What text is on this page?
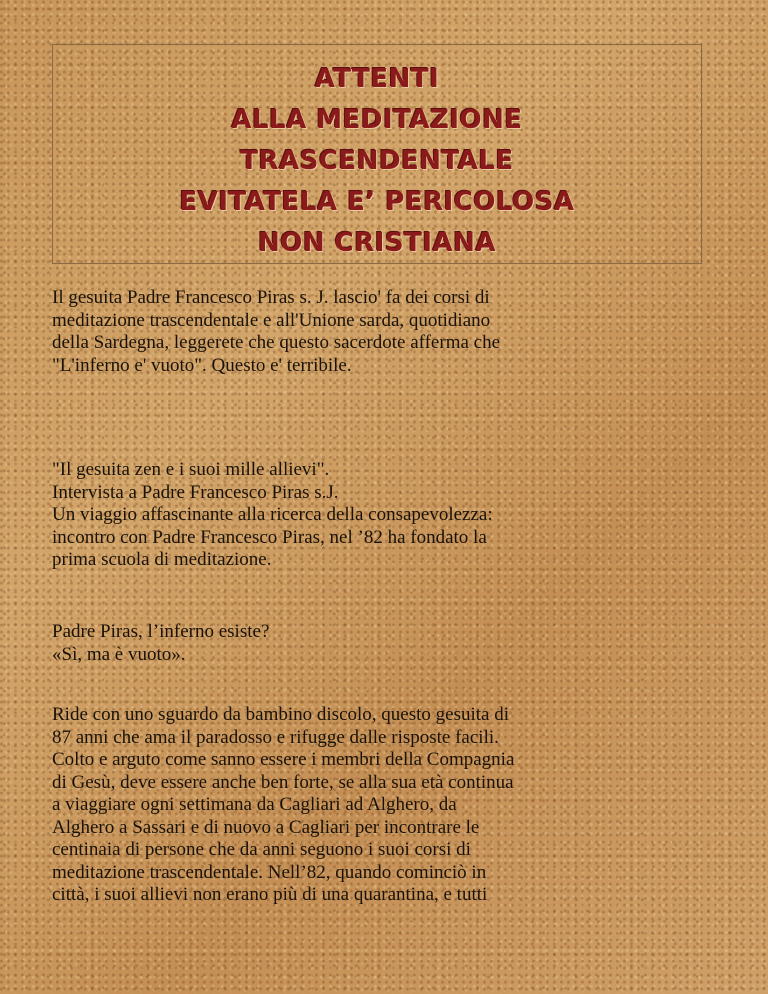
ATTENTI
ALLA MEDITAZIONE
TRASCENDENTALE
EVITATELA E’ PERICOLOSA
NON CRISTIANA

Il gesuita Padre Francesco Piras s. J. lascio' fa dei corsi di
meditazione trascendentale e all'Unione sarda, quotidiano
della Sardegna, leggerete che questo sacerdote afferma che
"L'inferno e' vuoto". Questo e' terribile.

"Il gesuita zen e i suoi mille allievi".
Intervista a Padre Francesco Piras s.J.
Un viaggio affascinante alla ricerca della consapevolezza:
incontro con Padre Francesco Piras, nel ’82 ha fondato la
prima scuola di meditazione.

Padre Piras, l’inferno esiste?
«Sì, ma è vuoto».

Ride con uno sguardo da bambino discolo, questo gesuita di
87 anni che ama il paradosso e rifugge dalle risposte facili.
Colto e arguto come sanno essere i membri della Compagnia
di Gesù, deve essere anche ben forte, se alla sua età continua
a viaggiare ogni settimana da Cagliari ad Alghero, da
Alghero a Sassari e di nuovo a Cagliari per incontrare le
centinaia di persone che da anni seguono i suoi corsi di
meditazione trascendentale. Nell’82, quando cominciò in
città, i suoi allievi non erano più di una quarantina, e tutti
